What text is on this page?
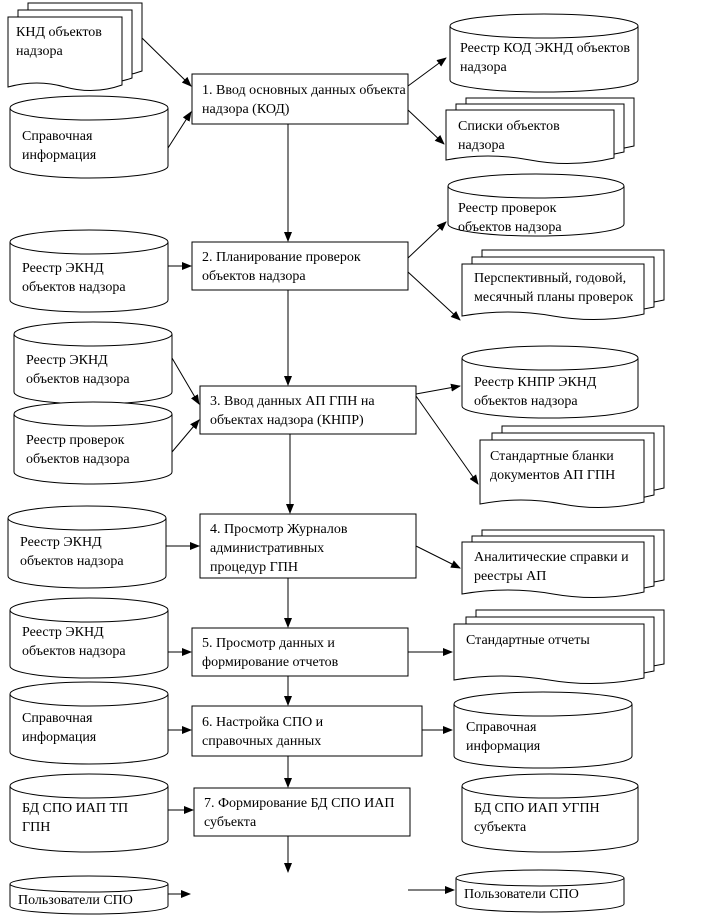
КНД объектов надзора
Справочная информация
Реестр ЭКНД объектов надзора
Реестр ЭКНД объектов надзора
Реестр проверок объектов надзора
Реестр ЭКНД объектов надзора
Реестр ЭКНД объектов надзора
Справочная информация
БД СПО ИАП ТП ГПН
Пользователи СПО
1. Ввод основных данных объекта надзора (КОД)
2. Планирование проверок объектов надзора
3. Ввод данных АП ГПН на объектах надзора (КНПР)
4. Просмотр Журналов административных процедур ГПН
5. Просмотр данных и формирование отчетов
6. Настройка СПО и справочных данных
7. Формирование БД СПО ИАП субъекта
Реестр КОД ЭКНД объектов надзора
Списки объектов надзора
Реестр проверок объектов надзора
Перспективный, годовой, месячный планы проверок
Реестр КНПР ЭКНД объектов надзора
Стандартные бланки документов АП ГПН
Аналитические справки и реестры АП
Стандартные отчеты
Справочная информация
БД СПО ИАП УГПН субъекта
Пользователи СПО
